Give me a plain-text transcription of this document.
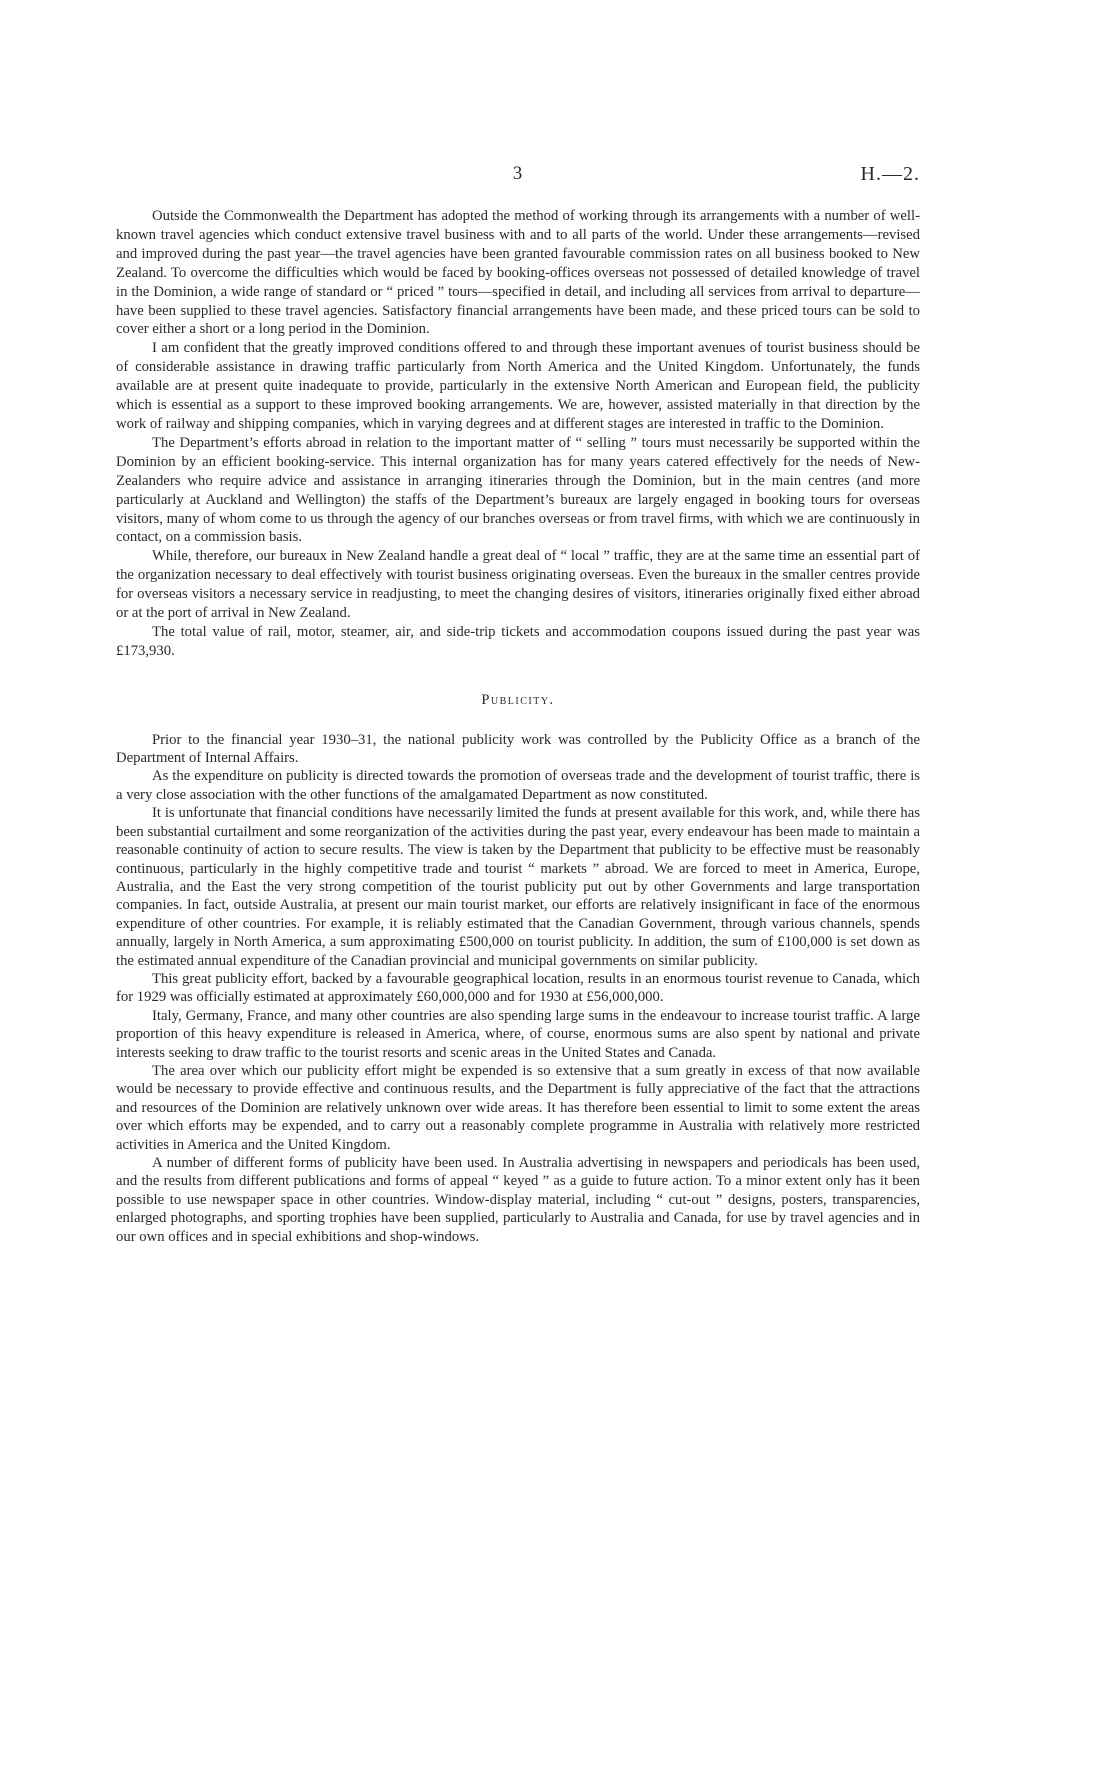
3	H.—2.

Outside the Commonwealth the Department has adopted the method of working through its arrangements with a number of well-known travel agencies which conduct extensive travel business with and to all parts of the world. Under these arrangements—revised and improved during the past year—the travel agencies have been granted favourable commission rates on all business booked to New Zealand. To overcome the difficulties which would be faced by booking-offices overseas not possessed of detailed knowledge of travel in the Dominion, a wide range of standard or “ priced ” tours—specified in detail, and including all services from arrival to departure—have been supplied to these travel agencies. Satisfactory financial arrangements have been made, and these priced tours can be sold to cover either a short or a long period in the Dominion.

I am confident that the greatly improved conditions offered to and through these important avenues of tourist business should be of considerable assistance in drawing traffic particularly from North America and the United Kingdom. Unfortunately, the funds available are at present quite inadequate to provide, particularly in the extensive North American and European field, the publicity which is essential as a support to these improved booking arrangements. We are, however, assisted materially in that direction by the work of railway and shipping companies, which in varying degrees and at different stages are interested in traffic to the Dominion.

The Department’s efforts abroad in relation to the important matter of “ selling ” tours must necessarily be supported within the Dominion by an efficient booking-service. This internal organization has for many years catered effectively for the needs of New-Zealanders who require advice and assistance in arranging itineraries through the Dominion, but in the main centres (and more particularly at Auckland and Wellington) the staffs of the Department’s bureaux are largely engaged in booking tours for overseas visitors, many of whom come to us through the agency of our branches overseas or from travel firms, with which we are continuously in contact, on a commission basis.

While, therefore, our bureaux in New Zealand handle a great deal of “ local ” traffic, they are at the same time an essential part of the organization necessary to deal effectively with tourist business originating overseas. Even the bureaux in the smaller centres provide for overseas visitors a necessary service in readjusting, to meet the changing desires of visitors, itineraries originally fixed either abroad or at the port of arrival in New Zealand.

The total value of rail, motor, steamer, air, and side-trip tickets and accommodation coupons issued during the past year was £173,930.

Publicity.

Prior to the financial year 1930–31, the national publicity work was controlled by the Publicity Office as a branch of the Department of Internal Affairs.

As the expenditure on publicity is directed towards the promotion of overseas trade and the development of tourist traffic, there is a very close association with the other functions of the amalgamated Department as now constituted.

It is unfortunate that financial conditions have necessarily limited the funds at present available for this work, and, while there has been substantial curtailment and some reorganization of the activities during the past year, every endeavour has been made to maintain a reasonable continuity of action to secure results. The view is taken by the Department that publicity to be effective must be reasonably continuous, particularly in the highly competitive trade and tourist “ markets ” abroad. We are forced to meet in America, Europe, Australia, and the East the very strong competition of the tourist publicity put out by other Governments and large transportation companies. In fact, outside Australia, at present our main tourist market, our efforts are relatively insignificant in face of the enormous expenditure of other countries. For example, it is reliably estimated that the Canadian Government, through various channels, spends annually, largely in North America, a sum approximating £500,000 on tourist publicity. In addition, the sum of £100,000 is set down as the estimated annual expenditure of the Canadian provincial and municipal governments on similar publicity.

This great publicity effort, backed by a favourable geographical location, results in an enormous tourist revenue to Canada, which for 1929 was officially estimated at approximately £60,000,000 and for 1930 at £56,000,000.

Italy, Germany, France, and many other countries are also spending large sums in the endeavour to increase tourist traffic. A large proportion of this heavy expenditure is released in America, where, of course, enormous sums are also spent by national and private interests seeking to draw traffic to the tourist resorts and scenic areas in the United States and Canada.

The area over which our publicity effort might be expended is so extensive that a sum greatly in excess of that now available would be necessary to provide effective and continuous results, and the Department is fully appreciative of the fact that the attractions and resources of the Dominion are relatively unknown over wide areas. It has therefore been essential to limit to some extent the areas over which efforts may be expended, and to carry out a reasonably complete programme in Australia with relatively more restricted activities in America and the United Kingdom.

A number of different forms of publicity have been used. In Australia advertising in newspapers and periodicals has been used, and the results from different publications and forms of appeal “ keyed ” as a guide to future action. To a minor extent only has it been possible to use newspaper space in other countries. Window-display material, including “ cut-out ” designs, posters, transparencies, enlarged photographs, and sporting trophies have been supplied, particularly to Australia and Canada, for use by travel agencies and in our own offices and in special exhibitions and shop-windows.
